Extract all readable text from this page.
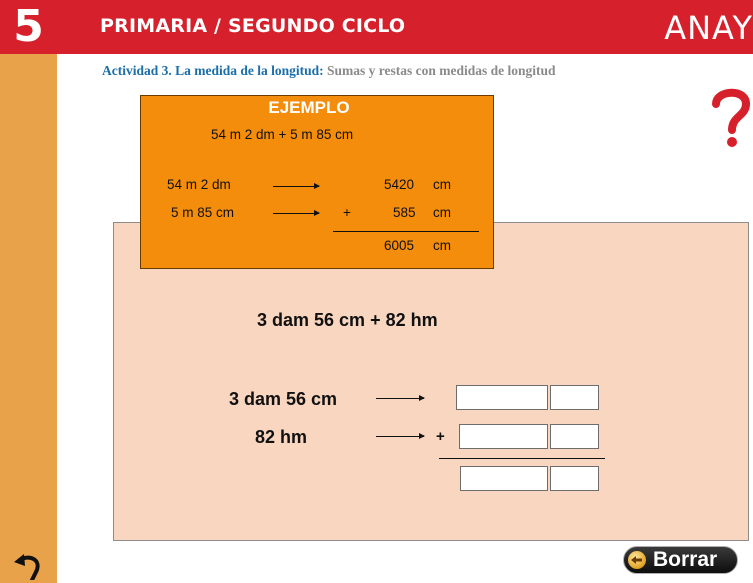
5	PRIMARIA / SEGUNDO CICLO	ANAY
Actividad 3. La medida de la longitud: Sumas y restas con medidas de longitud
EJEMPLO
54 m 2 dm + 5 m 85 cm
54 m 2 dm	5420 cm
5 m 85 cm	+	585 cm
6005 cm
3 dam 56 cm + 82 hm
3 dam 56 cm
82 hm	+
Borrar
